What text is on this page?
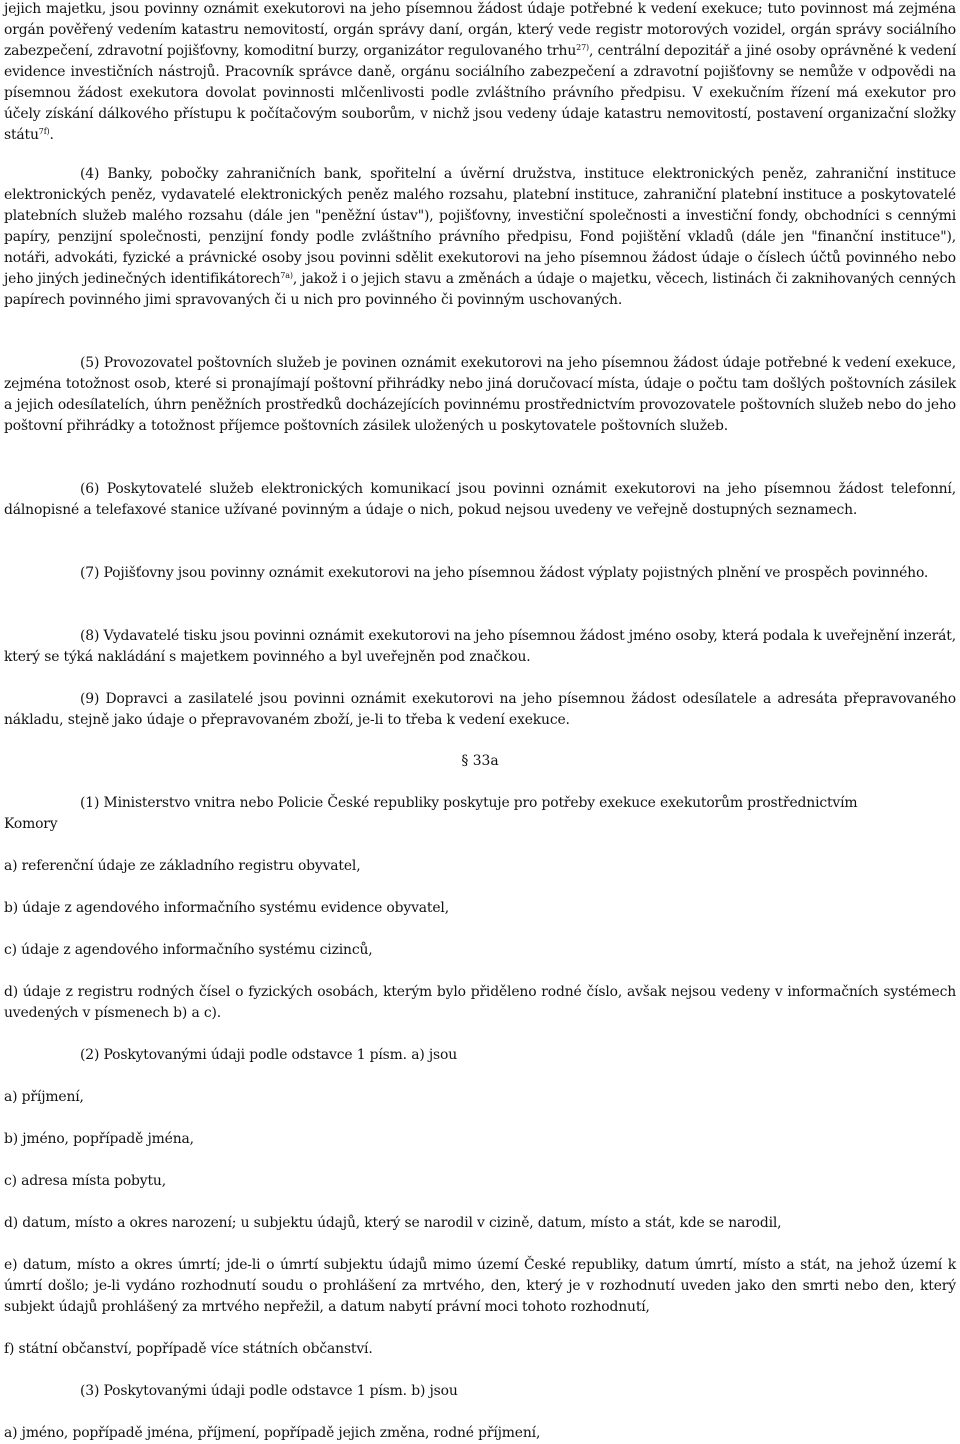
jejich majetku, jsou povinny oznámit exekutorovi na jeho písemnou žádost údaje potřebné k vedení exekuce; tuto povinnost má zejména orgán pověřený vedením katastru nemovitostí, orgán správy daní, orgán, který vede registr motorových vozidel, orgán správy sociálního zabezpečení, zdravotní pojišťovny, komoditní burzy, organizátor regulovaného trhu$^{27)}$, centrální depozitář a jiné osoby oprávněné k vedení evidence investičních nástrojů. Pracovník správce daně, orgánu sociálního zabezpečení a zdravotní pojišťovny se nemůže v odpovědi na písemnou žádost exekutora dovolat povinnosti mlčenlivosti podle zvláštního právního předpisu. V exekučním řízení má exekutor pro účely získání dálkového přístupu k počítačovým souborům, v nichž jsou vedeny údaje katastru nemovitostí, postavení organizační složky státu$^{7f)}$.
(4) Banky, pobočky zahraničních bank, spořitelní a úvěrní družstva, instituce elektronických peněz, zahraniční instituce elektronických peněz, vydavatelé elektronických peněz malého rozsahu, platební instituce, zahraniční platební instituce a poskytovatelé platebních služeb malého rozsahu (dále jen "peněžní ústav"), pojišťovny, investiční společnosti a investiční fondy, obchodníci s cennými papíry, penzijní společnosti, penzijní fondy podle zvláštního právního předpisu, Fond pojištění vkladů (dále jen "finanční instituce"), notáři, advokáti, fyzické a právnické osoby jsou povinni sdělit exekutorovi na jeho písemnou žádost údaje o číslech účtů povinného nebo jeho jiných jedinečných identifikátorech$^{7a)}$, jakož i o jejich stavu a změnách a údaje o majetku, věcech, listinách či zaknihovaných cenných papírech povinného jimi spravovaných či u nich pro povinného či povinným uschovaných.
(5) Provozovatel poštovních služeb je povinen oznámit exekutorovi na jeho písemnou žádost údaje potřebné k vedení exekuce, zejména totožnost osob, které si pronajímají poštovní přihrádky nebo jiná doručovací místa, údaje o počtu tam došlých poštovních zásilek a jejich odesílatelích, úhrn peněžních prostředků docházejících povinnému prostřednictvím provozovatele poštovních služeb nebo do jeho poštovní přihrádky a totožnost příjemce poštovních zásilek uložených u poskytovatele poštovních služeb.
(6) Poskytovatelé služeb elektronických komunikací jsou povinni oznámit exekutorovi na jeho písemnou žádost telefonní, dálnopisné a telefaxové stanice užívané povinným a údaje o nich, pokud nejsou uvedeny ve veřejně dostupných seznamech.
(7) Pojišťovny jsou povinny oznámit exekutorovi na jeho písemnou žádost výplaty pojistných plnění ve prospěch povinného.
(8) Vydavatelé tisku jsou povinni oznámit exekutorovi na jeho písemnou žádost jméno osoby, která podala k uveřejnění inzerát, který se týká nakládání s majetkem povinného a byl uveřejněn pod značkou.
(9) Dopravci a zasilatelé jsou povinni oznámit exekutorovi na jeho písemnou žádost odesílatele a adresáta přepravovaného nákladu, stejně jako údaje o přepravovaném zboží, je-li to třeba k vedení exekuce.
§ 33a
(1) Ministerstvo vnitra nebo Policie České republiky poskytuje pro potřeby exekuce exekutorům prostřednictvím
Komory
a) referenční údaje ze základního registru obyvatel,
b) údaje z agendového informačního systému evidence obyvatel,
c) údaje z agendového informačního systému cizinců,
d) údaje z registru rodných čísel o fyzických osobách, kterým bylo přiděleno rodné číslo, avšak nejsou vedeny v informačních systémech uvedených v písmenech b) a c).
(2) Poskytovanými údaji podle odstavce 1 písm. a) jsou
a) příjmení,
b) jméno, popřípadě jména,
c) adresa místa pobytu,
d) datum, místo a okres narození; u subjektu údajů, který se narodil v cizině, datum, místo a stát, kde se narodil,
e) datum, místo a okres úmrtí; jde-li o úmrtí subjektu údajů mimo území České republiky, datum úmrtí, místo a stát, na jehož území k úmrtí došlo; je-li vydáno rozhodnutí soudu o prohlášení za mrtvého, den, který je v rozhodnutí uveden jako den smrti nebo den, který subjekt údajů prohlášený za mrtvého nepřežil, a datum nabytí právní moci tohoto rozhodnutí,
f) státní občanství, popřípadě více státních občanství.
(3) Poskytovanými údaji podle odstavce 1 písm. b) jsou
a) jméno, popřípadě jména, příjmení, popřípadě jejich změna, rodné příjmení,
